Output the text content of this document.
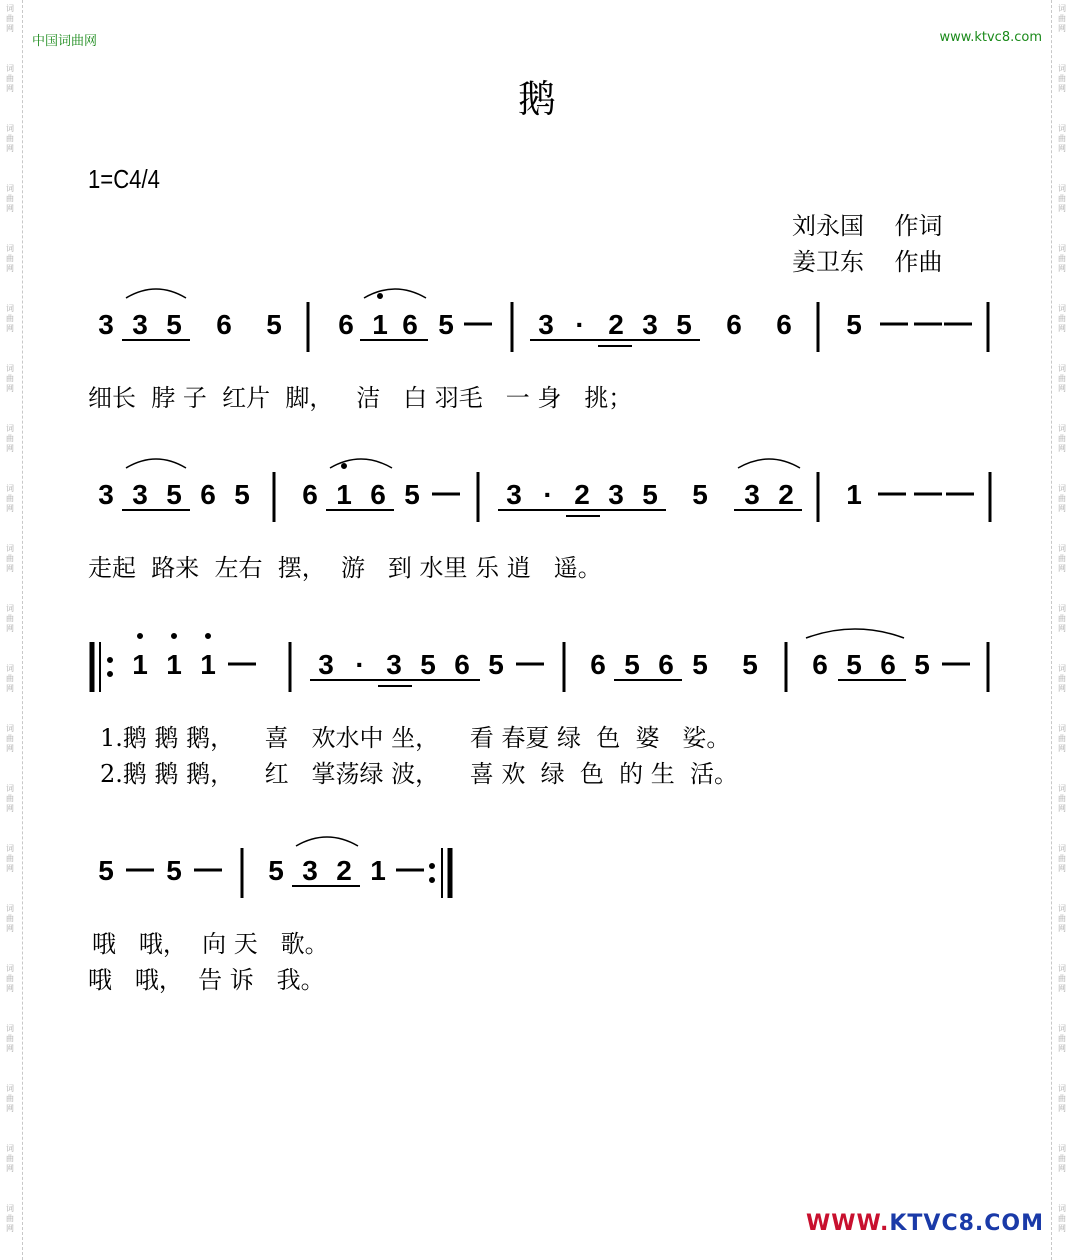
词
曲
网
词
曲
网
词
曲
网
词
曲
网
词
曲
网
词
曲
网
词
曲
网
词
曲
网
词
曲
网
词
曲
网
词
曲
网
词
曲
网
词
曲
网
词
曲
网
词
曲
网
词
曲
网
词
曲
网
词
曲
网
词
曲
网
词
曲
网
词
曲
网
词
曲
网
词
曲
网
词
曲
网
词
曲
网
词
曲
网
词
曲
网
词
曲
网
词
曲
网
词
曲
网
词
曲
网
词
曲
网
词
曲
网
词
曲
网
词
曲
网
词
曲
网
词
曲
网
词
曲
网
词
曲
网
词
曲
网
词
曲
网
词
曲
网
中国词曲网	www.ktvc8.com
鹅
1=C4/4
刘永国 作词
姜卫东 作曲
3 3 5 6 5 6 1 6 5	3 · 2 3 5 6 6 5
3 3 5 6 5 6 1 6 5	3 · 2 3 5 5 3 2 1
1 1 1	3 · 3 5 6 5	6 5 6 5 5 6 5 6 5
5 5	5 3 2 1
细长  脖 子  红片  脚，   洁   白 羽毛   一 身   挑；
走起  路来  左右  摆，  游   到 水里 乐 逍   遥。
1.鹅 鹅 鹅，    喜   欢水中 坐，    看 春夏 绿  色  婆   娑。
2.鹅 鹅 鹅，    红   掌荡绿 波，    喜 欢  绿  色  的 生  活。
哦   哦，  向 天   歌。
哦   哦，  告 诉   我。
WWW.KTVC8.COM
